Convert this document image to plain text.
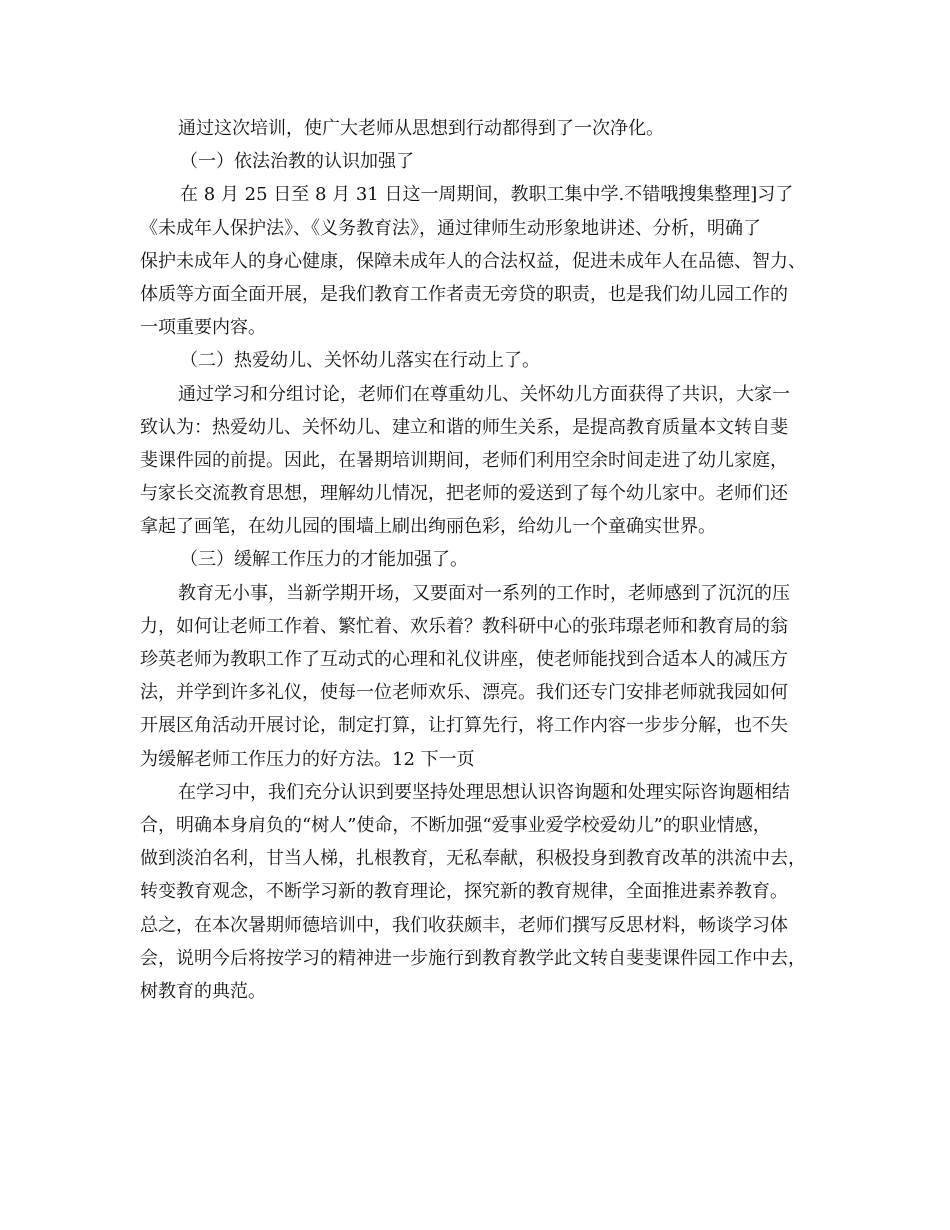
通过这次培训，使广大老师从思想到行动都得到了一次净化。
（一）依法治教的认识加强了
在 8 月 25 日至 8 月 31 日这一周期间，教职工集中学.不错哦搜集整理]习了
《未成年人保护法》、《义务教育法》，通过律师生动形象地讲述、分析，明确了
保护未成年人的身心健康，保障未成年人的合法权益，促进未成年人在品德、智力、
体质等方面全面开展，是我们教育工作者责无旁贷的职责，也是我们幼儿园工作的
一项重要内容。
（二）热爱幼儿、关怀幼儿落实在行动上了。
通过学习和分组讨论，老师们在尊重幼儿、关怀幼儿方面获得了共识，大家一
致认为：热爱幼儿、关怀幼儿、建立和谐的师生关系，是提高教育质量本文转自斐
斐课件园的前提。因此，在暑期培训期间，老师们利用空余时间走进了幼儿家庭，
与家长交流教育思想，理解幼儿情况，把老师的爱送到了每个幼儿家中。老师们还
拿起了画笔，在幼儿园的围墙上刷出绚丽色彩，给幼儿一个童确实世界。
（三）缓解工作压力的才能加强了。
教育无小事，当新学期开场，又要面对一系列的工作时，老师感到了沉沉的压
力，如何让老师工作着、繁忙着、欢乐着？教科研中心的张玮璟老师和教育局的翁
珍英老师为教职工作了互动式的心理和礼仪讲座，使老师能找到合适本人的减压方
法，并学到许多礼仪，使每一位老师欢乐、漂亮。我们还专门安排老师就我园如何
开展区角活动开展讨论，制定打算，让打算先行，将工作内容一步步分解，也不失
为缓解老师工作压力的好方法。12 下一页
在学习中，我们充分认识到要坚持处理思想认识咨询题和处理实际咨询题相结
合，明确本身肩负的“树人”使命，不断加强“爱事业爱学校爱幼儿”的职业情感，
做到淡泊名利，甘当人梯，扎根教育，无私奉献，积极投身到教育改革的洪流中去，
转变教育观念，不断学习新的教育理论，探究新的教育规律，全面推进素养教育。
总之，在本次暑期师德培训中，我们收获颇丰，老师们撰写反思材料，畅谈学习体
会，说明今后将按学习的精神进一步施行到教育教学此文转自斐斐课件园工作中去，
树教育的典范。
